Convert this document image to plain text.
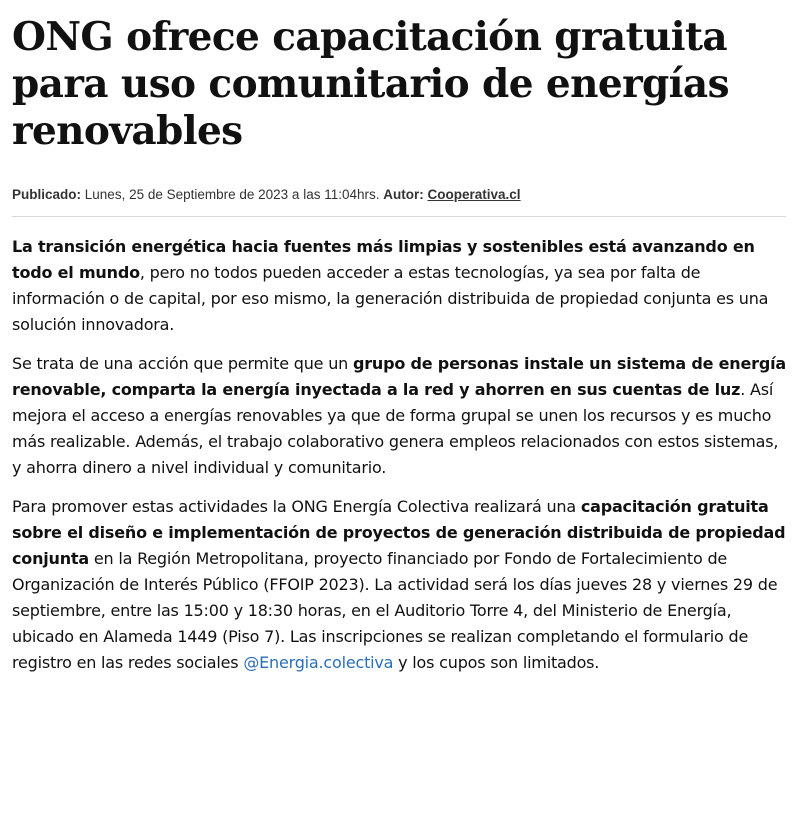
ONG ofrece capacitación gratuita para uso comunitario de energías renovables
Publicado: Lunes, 25 de Septiembre de 2023 a las 11:04hrs. Autor: Cooperativa.cl

La transición energética hacia fuentes más limpias y sostenibles está avanzando en todo el mundo, pero no todos pueden acceder a estas tecnologías, ya sea por falta de información o de capital, por eso mismo, la generación distribuida de propiedad conjunta es una solución innovadora.

Se trata de una acción que permite que un grupo de personas instale un sistema de energía renovable, comparta la energía inyectada a la red y ahorren en sus cuentas de luz. Así mejora el acceso a energías renovables ya que de forma grupal se unen los recursos y es mucho más realizable. Además, el trabajo colaborativo genera empleos relacionados con estos sistemas, y ahorra dinero a nivel individual y comunitario.

Para promover estas actividades la ONG Energía Colectiva realizará una capacitación gratuita sobre el diseño e implementación de proyectos de generación distribuida de propiedad conjunta en la Región Metropolitana, proyecto financiado por Fondo de Fortalecimiento de Organización de Interés Público (FFOIP 2023). La actividad será los días jueves 28 y viernes 29 de septiembre, entre las 15:00 y 18:30 horas, en el Auditorio Torre 4, del Ministerio de Energía, ubicado en Alameda 1449 (Piso 7). Las inscripciones se realizan completando el formulario de registro en las redes sociales @Energia.colectiva y los cupos son limitados.
